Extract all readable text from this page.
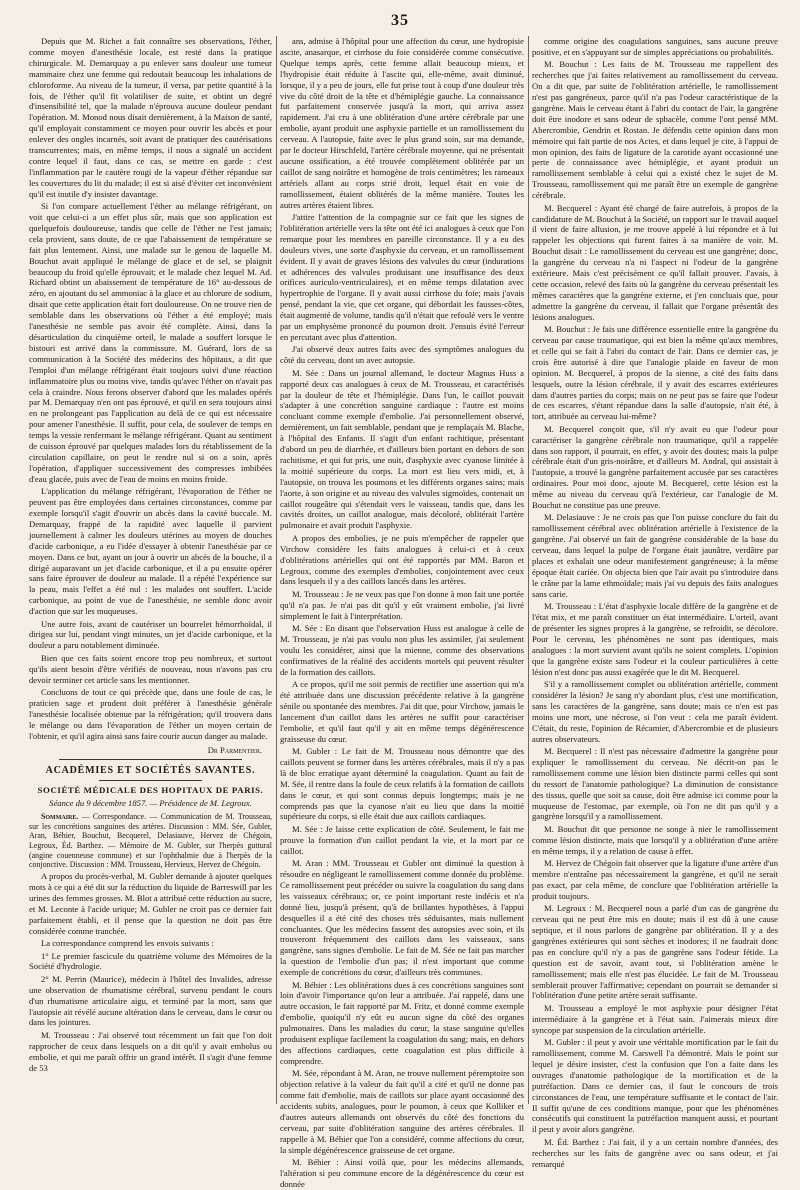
35

Depuis que M. Richet a fait connaître ses observations, l'éther, comme moyen d'anesthésie locale, est resté dans la pratique chirurgicale. M. Demarquay a pu enlever sans douleur une tumeur mammaire chez une femme qui redoutait beaucoup les inhalations de chloroforme. Au niveau de la tumeur, il versa, par petite quantité à la fois, de l'éther qu'il fit volatiliser de suite, et obtint un degré d'insensibilité tel, que la malade n'éprouva aucune douleur pendant l'opération. M. Monod nous disait dernièrement, à la Maison de santé, qu'il employait constamment ce moyen pour ouvrir les abcès et pour enlever des ongles incarnés, soit avant de pratiquer des cautérisations transcurrentes; mais, en même temps, il nous a signalé un accident contre lequel il faut, dans ce cas, se mettre en garde : c'est l'inflammation par le cautère rougi de la vapeur d'éther répandue sur les couvertures du lit du malade; il est si aisé d'éviter cet inconvénient qu'il est inutile d'y insister davantage.

Si l'on compare actuellement l'éther au mélange réfrigérant, on voit que celui-ci a un effet plus sûr, mais que son application est quelquefois douloureuse, tandis que celle de l'éther ne l'est jamais; cela provient, sans doute, de ce que l'abaissement de température se fait plus lentement. Ainsi, une malade sur le genou de laquelle M. Bouchut avait appliqué le mélange de glace et de sel, se plaignit beaucoup du froid qu'elle éprouvait; et le malade chez lequel M. Ad. Richard obtint un abaissement de température de 16° au-dessous de zéro, en ajoutant du sel ammoniac à la glace et au chlorure de sodium, disait que cette application était fort douloureuse. On ne trouve rien de semblable dans les observations où l'éther a été employé; mais l'anesthésie ne semble pas avoir été complète. Ainsi, dans la désarticulation du cinquième orteil, le malade a souffert lorsque le bistouri est arrivé dans la commissure. M. Guérard, lors de sa communication à la Société des médecins des hôpitaux, a dit que l'emploi d'un mélange réfrigérant était toujours suivi d'une réaction inflammatoire plus ou moins vive, tandis qu'avec l'éther on n'avait pas cela à craindre. Nous ferons observer d'abord que les malades opérés par M. Demarquay n'en ont pas éprouvé, et qu'il en sera toujours ainsi en ne prolongeant pas l'application au delà de ce qui est nécessaire pour amener l'anesthésie. Il suffit, pour cela, de soulever de temps en temps la vessie renfermant le mélange réfrigérant. Quant au sentiment de cuisson éprouvé par quelques malades lors du rétablissement de la circulation capillaire, on peut le rendre nul si on a soin, après l'opération, d'appliquer successivement des compresses imbibées d'eau glacée, puis avec de l'eau de moins en moins froide.

L'application du mélange réfrigérant, l'évaporation de l'éther ne peuvent pas être employées dans certaines circonstances, comme par exemple lorsqu'il s'agit d'ouvrir un abcès dans la cavité buccale. M. Demarquay, frappé de la rapidité avec laquelle il parvient journellement à calmer les douleurs utérines au moyen de douches d'acide carbonique, a eu l'idée d'essayer à obtenir l'anesthésie par ce moyen. Dans ce but, ayant un jour à ouvrir un abcès de la bouche, il a dirigé auparavant un jet d'acide carbonique, et il a pu ensuite opérer sans faire éprouver de douleur au malade. Il a répété l'expérience sur la peau, mais l'effet a été nul : les malades ont souffert. L'acide carbonique, au point de vue de l'anesthésie, ne semble donc avoir d'action que sur les muqueuses.

Une autre fois, avant de cautériser un bourrelet hémorrhoïdal, il dirigea sur lui, pendant vingt minutes, un jet d'acide carbonique, et la douleur a paru notablement diminuée.

Bien que ces faits soient encore trop peu nombreux, et surtout qu'ils aient besoin d'être vérifiés de nouveau, nous n'avons pas cru devoir terminer cet article sans les mentionner.

Concluons de tout ce qui précède que, dans une foule de cas, le praticien sage et prudent doit préférer à l'anesthésie générale l'anesthésie localisée obtenue par la réfrigération; qu'il trouvera dans le mélange ou dans l'évaporation de l'éther un moyen certain de l'obtenir, et qu'il agira ainsi sans faire courir aucun danger au malade.

Dr Parmentier.

ACADÉMIES ET SOCIÉTÉS SAVANTES.

SOCIÉTÉ MÉDICALE DES HOPITAUX DE PARIS.

Séance du 9 décembre 1857. — Présidence de M. Legroux.

Sommaire. — Correspondance. — Communication de M. Trousseau, sur les concrétions sanguines des artères. Discussion : MM. Sée, Gubler, Aran, Béhier, Bouchut, Becquerel, Delasiauve, Hervez de Chégoin, Legroux, Éd. Barthez. — Mémoire de M. Gubler, sur l'herpès guttural (angine couenneuse commune) et sur l'ophthalmie due à l'herpès de la conjonctive. Discussion : MM. Trousseau, Hervieux, Hervez de Chégoin.

A propos du procès-verbal, M. Gubler demande à ajouter quelques mots à ce qui a été dit sur la réduction du liquide de Barreswill par les urines des femmes grosses. M. Blot a attribué cette réduction au sucre, et M. Leconte à l'acide urique; M. Gubler ne croit pas ce dernier fait parfaitement établi, et il pense que la question ne doit pas être considérée comme tranchée.

La correspondance comprend les envois suivants :

1° Le premier fascicule du quatrième volume des Mémoires de la Société d'hydrologie.

2° M. Perrin (Maurice), médecin à l'hôtel des Invalides, adresse une observation de rhumatisme cérébral, survenu pendant le cours d'un rhumatisme articulaire aigu, et terminé par la mort, sans que l'autopsie ait révélé aucune altération dans le cerveau, dans le cœur ou dans les jointures.

M. Trousseau : J'ai observé tout récemment un fait que l'on doit rapprocher de ceux dans lesquels on a dit qu'il y avait embolus ou embolie, et qui me paraît offrir un grand intérêt. Il s'agit d'une femme de 53

ans, admise à l'hôpital pour une affection du cœur, une hydropisie ascite, anasarque, et cirrhose du foie considérée comme consécutive. Quelque temps après, cette femme allait beaucoup mieux, et l'hydropisie était réduite à l'ascite qui, elle-même, avait diminué, lorsque, il y a peu de jours, elle fut prise tout à coup d'une douleur très vive du côté droit de la tête et d'hémiplégie gauche. La connaissance fut parfaitement conservée jusqu'à la mort, qui arriva assez rapidement. J'ai cru à une oblitération d'une artère cérébrale par une embolie, ayant produit une asphyxie partielle et un ramollissement du cerveau. A l'autopsie, faite avec le plus grand soin, sur ma demande, par le docteur Hirschfeld, l'artère cérébrale moyenne, qui ne présentait aucune ossification, a été trouvée complètement oblitérée par un caillot de sang noirâtre et homogène de trois centimètres; les rameaux artériels allant au corps strié droit, lequel était en voie de ramollissement, étaient oblitérés de la même manière. Toutes les autres artères étaient libres.

J'attire l'attention de la compagnie sur ce fait que les signes de l'oblitération artérielle vers la tête ont été ici analogues à ceux que l'on remarque pour les membres en pareille circonstance. Il y a eu des douleurs vives, une sorte d'asphyxie du cerveau, et un ramollissement évident. Il y avait de graves lésions des valvules du cœur (indurations et adhérences des valvules produisant une insuffisance des deux orifices auriculo-ventriculaires), et en même temps dilatation avec hypertrophie de l'organe. Il y avait aussi cirrhose du foie; mais j'avais pensé, pendant la vie, que cet organe, qui débordait les fausses-côtes, était augmenté de volume, tandis qu'il n'était que refoulé vers le ventre par un emphysème prononcé du poumon droit. J'ensuis évité l'erreur en percutant avec plus d'attention.

J'ai observé deux autres faits avec des symptômes analogues du côté du cerveau, dont un avec autopsie.

M. Sée : Dans un journal allemand, le docteur Magnus Huss a rapporté deux cas analogues à ceux de M. Trousseau, et caractérisés par la douleur de tête et l'hémiplégie. Dans l'un, le caillot pouvait s'adapter à une concrétion sanguine cardiaque : l'autre est moins concluant comme exemple d'embolie. J'ai personnellement observé, dernièrement, un fait semblable, pendant que je remplaçais M. Blache, à l'hôpital des Enfants. Il s'agit d'un enfant rachitique, présentant d'abord un peu de diarrhée, et d'ailleurs bien portant en dehors de son rachitisme, et qui fut pris, une nuit, d'asphyxie avec cyanose limitée à la moitié supérieure du corps. La mort est lieu vers midi, et, à l'autopsie, on trouva les poumons et les différents organes sains; mais l'aorte, à son origine et au niveau des valvules sigmoïdes, contenait un caillot rougeâtre qui s'étendait vers le vaisseau, tandis que, dans les cavités droites, un caillot analogue, mais décoloré, oblitérait l'artère pulmonaire et avait produit l'asphyxie.

A propos des embolies, je ne puis m'empêcher de rappeler que Virchow considère les faits analogues à celui-ci et à ceux d'oblitérations artérielles qui ont été rapportés par MM. Baron et Legroux, comme des exemples d'embolies, conjointement avec ceux dans lesquels il y a des caillots lancés dans les artères.

M. Trousseau : Je ne veux pas que l'on donne à mon fait une portée qu'il n'a pas. Je n'ai pas dit qu'il y eût vraiment embolie, j'ai livré simplement le fait à l'interprétation.

M. Sée : En disant que l'observation Huss est analogue à celle de M. Trousseau, je n'ai pas voulu non plus les assimiler, j'ai seulement voulu les considérer, ainsi que la mienne, comme des observations confirmatives de la réalité des accidents mortels qui peuvent résulter de la formation des caillots.

A ce propos, qu'il me soit permis de rectifier une assertion qui m'a été attribuée dans une discussion précédente relative à la gangrène sénile ou spontanée des membres. J'ai dit que, pour Virchow, jamais le lancement d'un caillot dans les artères ne suffit pour caractériser l'embolie, et qu'il faut qu'il y ait en même temps dégénérescence graisseuse du cœur.

M. Gubler : Le fait de M. Trousseau nous démontre que des caillots peuvent se former dans les artères cérébrales, mais il n'y a pas là de bloc erratique ayant déterminé la coagulation. Quant au fait de M. Sée, il rentre dans la foule de ceux relatifs à la formation de caillots dans le cœur, et qui sont connus depuis longtemps; mais je ne comprends pas que la cyanose n'ait eu lieu que dans la moitié supérieure du corps, si elle était due aux caillots cardiaques.

M. Sée : Je laisse cette explication de côté. Seulement, le fait me prouve la formation d'un caillot pendant la vie, et la mort par ce caillot.

M. Aran : MM. Trousseau et Gubler ont diminué la question à résoudre en négligeant le ramollissement comme donnée du problème. Ce ramollissement peut précéder ou suivre la coagulation du sang dans les vaisseaux cérébraux; or, ce point important reste indécis et n'a donné lieu, jusqu'à présent, qu'à de brillantes hypothèses, à l'appui desquelles il a été cité des choses très séduisantes, mais nullement concluantes. Que les médecins fassent des autopsies avec soin, et ils trouveront fréquemment des caillots dans les vaisseaux, sans gangrène, sans signes d'embolie. Le fait de M. Sée ne fait pas marcher la question de l'embolie d'un pas; il n'est important que comme exemple de concrétions du cœur, d'ailleurs très communes.

M. Béhier : Les oblitérations dues à ces concrétions sanguines sont loin d'avoir l'importance qu'on leur a attribuée. J'ai rappelé, dans une autre occasion, le fait rapporté par M. Fritz, et donné comme exemple d'embolie, quoiqu'il n'y eût eu aucun signe du côté des organes pulmonaires. Dans les maladies du cœur, la stase sanguine qu'elles produisent explique facilement la coagulation du sang; mais, en dehors des affections cardiaques, cette coagulation est plus difficile à comprendre.

M. Sée, répondant à M. Aran, ne trouve nullement péremptoire son objection relative à la valeur du fait qu'il a cité et qu'il ne donne pas comme fait d'embolie, mais de caillots sur place ayant occasionné des accidents subits, analogues, pour le poumon, à ceux que Kolliker et d'autres auteurs allemands ont observés du côté des fonctions du cerveau, par suite d'oblitération sanguine des artères cérébrales. Il rappelle à M. Béhier que l'on a considéré, comme affections du cœur, la simple dégénérescence graisseuse de cet organe.

M. Béhier : Ainsi voilà que, pour les médecins allemands, l'altération si peu commune encore de la dégénérescence du cœur est donnée

comme origine des coagulations sanguines, sans aucune preuve positive, et en s'appuyant sur de simples appréciations ou probabilités.

M. Bouchut : Les faits de M. Trousseau me rappellent des recherches que j'ai faites relativement au ramollissement du cerveau. On a dit que, par suite de l'oblitération artérielle, le ramollissement n'est pas gangréneux, parce qu'il n'a pas l'odeur caractéristique de la gangrène. Mais le cerveau étant à l'abri du contact de l'air, la gangrène doit être inodore et sans odeur de sphacèle, comme l'ont pensé MM. Abercrombie, Gendrin et Rostan. Je défendis cette opinion dans mon mémoire qui fait partie de nos Actes, et dans lequel je cite, à l'appui de mon opinion, des faits de ligature de la carotide ayant occasionné une perte de connaissance avec hémiplégie, et ayant produit un ramollissement semblable à celui qui a existé chez le sujet de M. Trousseau, ramollissement qui me paraît être un exemple de gangrène cérébrale.

M. Becquerel : Ayant été chargé de faire autrefois, à propos de la candidature de M. Bouchut à la Société, un rapport sur le travail auquel il vient de faire allusion, je me trouve appelé à lui répondre et à lui rappeler les objections qui furent faites à sa manière de voir. M. Bouchut disait : Le ramollissement du cerveau est une gangrène; donc, la gangrène du cerveau n'a ni l'aspect ni l'odeur de la gangrène extérieure. Mais c'est précisément ce qu'il fallait prouver. J'avais, à cette occasion, relevé des faits où la gangrène du cerveau présentait les mêmes caractères que la gangrène externe, et j'en concluais que, pour admettre la gangrène du cerveau, il fallait que l'organe présentât des lésions analogues.

M. Bouchut : Je fais une différence essentielle entre la gangrène du cerveau par cause traumatique, qui est bien la même qu'aux membres, et celle qui se fait à l'abri du contact de l'air. Dans ce dernier cas, je crois être autorisé à dire que l'analogie plaide en faveur de mon opinion. M. Becquerel, à propos de la sienne, a cité des faits dans lesquels, outre la lésion cérébrale, il y avait des escarres extérieures dans d'autres parties du corps; mais on ne peut pas se faire que l'odeur de ces escarres, s'étant répandue dans la salle d'autopsie, n'ait été, à tort, attribuée au cerveau lui-même?

M. Becquerel conçoit que, s'il n'y avait eu que l'odeur pour caractériser la gangrène cérébrale non traumatique, qu'il a rappelée dans son rapport, il pourrait, en effet, y avoir des doutes; mais la pulpe cérébrale était d'un gris-noirâtre, et d'ailleurs M. Andral, qui assistait à l'autopsie, a trouvé la gangrène parfaitement accusée par ses caractères ordinaires. Pour moi donc, ajoute M. Becquerel, cette lésion est la même au niveau du cerveau qu'à l'extérieur, car l'analogie de M. Bouchut ne constitue pas une preuve.

M. Delasiauve : Je ne crois pas que l'on puisse conclure du fait du ramollissement cérébral avec oblitération artérielle à l'existence de la gangrène. J'ai observé un fait de gangrène considérable de la base du cerveau, dans lequel la pulpe de l'organe était jaunâtre, verdâtre par places et exhalait une odeur manifestement gangréneuse; à la même époque était cariée. On objecta bien que l'air avait pu s'introduire dans le crâne par la lame ethmoïdale; mais j'ai vu depuis des faits analogues sans carie.

M. Trousseau : L'état d'asphyxie locale diffère de la gangrène et de l'état mix, et me paraît constituer un état intermédiaire. L'orteil, avant de présenter les signes propres à la gangrène, se refroidit, se décolore. Pour le cerveau, les phénomènes ne sont pas identiques, mais analogues : la mort survient avant qu'ils ne soient complets. L'opinion que la gangrène existe sans l'odeur et la couleur particulières à cette lésion n'est donc pas aussi exagérée que le dit M. Becquerel.

S'il y a ramollissement complet ou oblitération artérielle, comment considérer la lésion? Je sang n'y abordant plus, c'est une mortification, sans les caractères de la gangrène, sans doute; mais ce n'en est pas moins une mort, une nécrose, si l'on veut : cela me paraît évident. C'était, du reste, l'opinion de Récamier, d'Abercrombie et de plusieurs autres observateurs.

M. Becquerel : Il n'est pas nécessaire d'admettre la gangrène pour expliquer le ramollissement du cerveau. Ne décrit-on pas le ramollissement comme une lésion bien distincte parmi celles qui sont du ressort de l'anatomie pathologique? La diminution de consistance des tissus, quelle que soit sa cause, doit être admise ici comme pour la muqueuse de l'estomac, par exemple, où l'on ne dit pas qu'il y a gangrène lorsqu'il y a ramollissement.

M. Bouchut dit que personne ne songe à nier le ramollissement comme lésion distincte, mais que lorsqu'il y a oblitération d'une artère en même temps, il y a relation de cause à effet.

M. Hervez de Chégoin fait observer que la ligature d'une artère d'un membre n'entraîne pas nécessairement la gangrène, et qu'il ne serait pas exact, par cela même, de conclure que l'oblitération artérielle la produit toujours.

M. Legroux : M. Becquerel nous a parlé d'un cas de gangrène du cerveau qui ne peut être mis en doute; mais il est dû à une cause septique, et il nous parlons de gangrène par oblitération. Il y a des gangrènes extérieures qui sont sèches et inodores; il ne faudrait donc pas en conclure qu'il n'y a pas de gangrène sans l'odeur fétide. La question est de savoir, avant tout, si l'oblitération amène le ramollissement; mais elle n'est pas élucidée. Le fait de M. Trousseau semblerait prouver l'affirmative; cependant on pourrait se demander si l'oblitération d'une petite artère serait suffisante.

M. Trousseau a employé le mot asphyxie pour désigner l'état intermédiaire à la gangrène et à l'état sain. J'aimerais mieux dire syncope par suspension de la circulation artérielle.

M. Gubler : il peut y avoir une véritable mortification par le fait du ramollissement, comme M. Carswell l'a démontré. Mais le point sur lequel je désire insister, c'est la confusion que l'on a faite dans les ouvrages d'anatomie pathologique de la mortification et de la putréfaction. Dans ce dernier cas, il faut le concours de trois circonstances de l'eau, une température suffisante et le contact de l'air. Il suffit qu'une de ces conditions manque, pour que les phénomènes consécutifs qui constituent la putréfaction manquent aussi, et pourtant il peut y avoir alors gangrène.

M. Éd. Barthez : J'ai fait, il y a un certain nombre d'années, des recherches sur les faits de gangrène avec ou sans odeur, et j'ai remarqué
